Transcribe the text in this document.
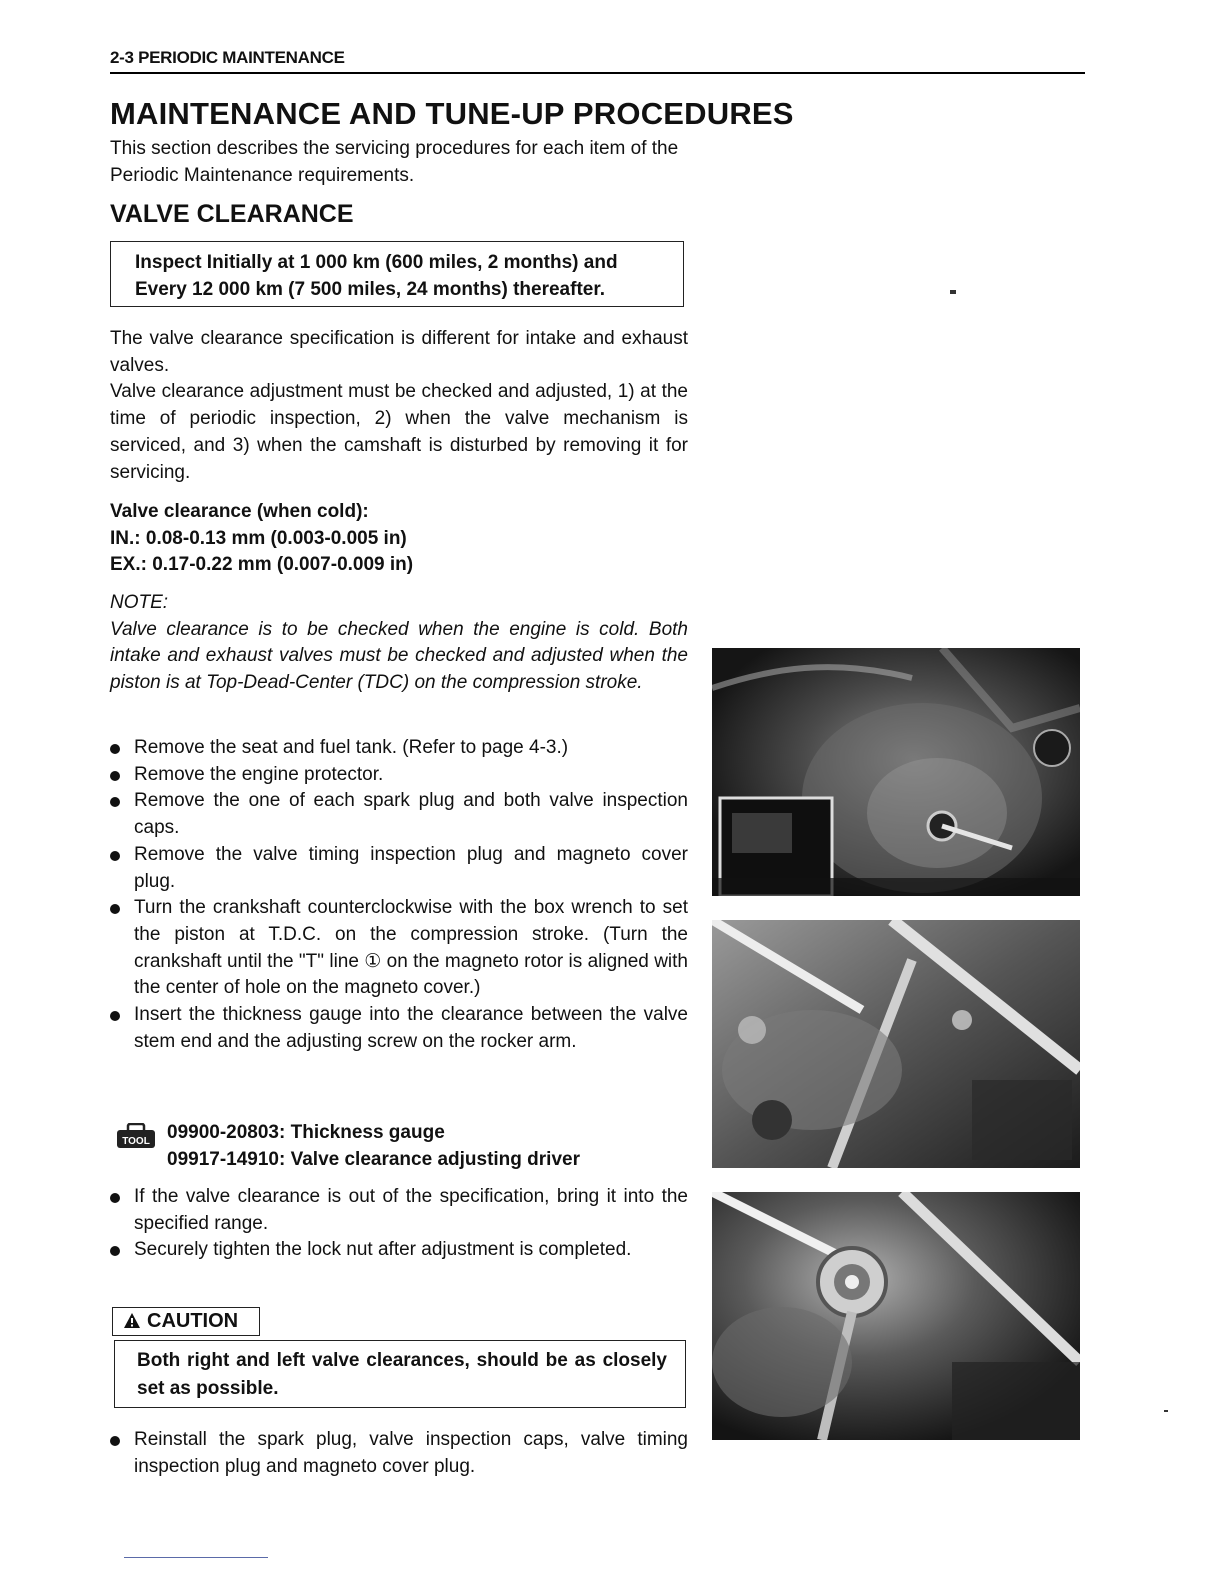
2-3 PERIODIC MAINTENANCE
MAINTENANCE AND TUNE-UP PROCEDURES

This section describes the servicing procedures for each item of the Periodic Maintenance requirements.

VALVE CLEARANCE

Inspect Initially at 1 000 km (600 miles, 2 months) and
Every 12 000 km (7 500 miles, 24 months) thereafter.

The valve clearance specification is different for intake and exhaust valves.

Valve clearance adjustment must be checked and adjusted, 1) at the time of periodic inspection, 2) when the valve mechanism is serviced, and 3) when the camshaft is disturbed by removing it for servicing.

Valve clearance (when cold):

IN.: 0.08-0.13 mm (0.003-0.005 in)

EX.: 0.17-0.22 mm (0.007-0.009 in)

NOTE:

Valve clearance is to be checked when the engine is cold. Both intake and exhaust valves must be checked and adjusted when the piston is at Top-Dead-Center (TDC) on the compression stroke.

Remove the seat and fuel tank. (Refer to page 4-3.)
Remove the engine protector.
Remove the one of each spark plug and both valve inspection caps.
Remove the valve timing inspection plug and magneto cover plug.
Turn the crankshaft counterclockwise with the box wrench to set the piston at T.D.C. on the compression stroke. (Turn the crankshaft until the "T" line ① on the magneto rotor is aligned with the center of hole on the magneto cover.)
Insert the thickness gauge into the clearance between the valve stem end and the adjusting screw on the rocker arm.
TOOL 09900-20803: Thickness gauge

09917-14910: Valve clearance adjusting driver

If the valve clearance is out of the specification, bring it into the specified range.
Securely tighten the lock nut after adjustment is completed.
CAUTION

Both right and left valve clearances, should be as closely set as possible.

Reinstall the spark plug, valve inspection caps, valve timing inspection plug and magneto cover plug.
